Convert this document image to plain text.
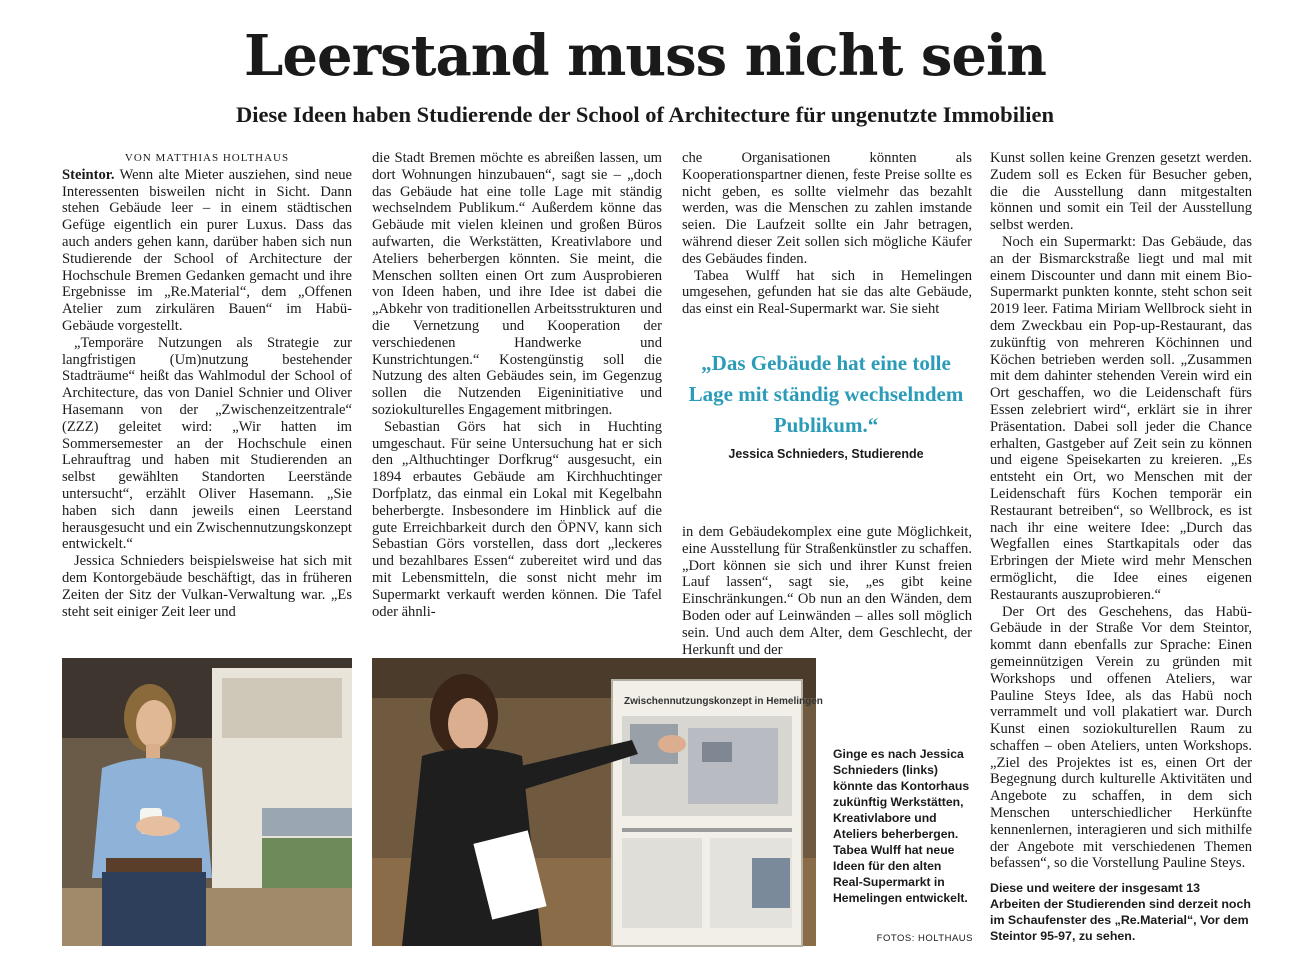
Leerstand muss nicht sein
Diese Ideen haben Studierende der School of Architecture für ungenutzte Immobilien

VON MATTHIAS HOLTHAUS

Steintor. Wenn alte Mieter ausziehen, sind neue Interessenten bisweilen nicht in Sicht. Dann stehen Gebäude leer – in einem städtischen Gefüge eigentlich ein purer Luxus. Dass das auch anders gehen kann, darüber haben sich nun Studierende der School of Architecture der Hochschule Bremen Gedanken gemacht und ihre Ergebnisse im „Re.Material“, dem „Offenen Atelier zum zirkulären Bauen“ im Habü-Gebäude vorgestellt.

„Temporäre Nutzungen als Strategie zur langfristigen (Um)nutzung bestehender Stadträume“ heißt das Wahlmodul der School of Architecture, das von Daniel Schnier und Oliver Hasemann von der „Zwischenzeitzentrale“ (ZZZ) geleitet wird: „Wir hatten im Sommersemester an der Hochschule einen Lehrauftrag und haben mit Studierenden an selbst gewählten Standorten Leerstände untersucht“, erzählt Oliver Hasemann. „Sie haben sich dann jeweils einen Leerstand herausgesucht und ein Zwischennutzungskonzept entwickelt.“

Jessica Schnieders beispielsweise hat sich mit dem Kontorgebäude beschäftigt, das in früheren Zeiten der Sitz der Vulkan-Verwaltung war. „Es steht seit einiger Zeit leer und

die Stadt Bremen möchte es abreißen lassen, um dort Wohnungen hinzubauen“, sagt sie – „doch das Gebäude hat eine tolle Lage mit ständig wechselndem Publikum.“ Außerdem könne das Gebäude mit vielen kleinen und großen Büros aufwarten, die Werkstätten, Kreativlabore und Ateliers beherbergen könnten. Sie meint, die Menschen sollten einen Ort zum Ausprobieren von Ideen haben, und ihre Idee ist dabei die „Abkehr von traditionellen Arbeitsstrukturen und die Vernetzung und Kooperation der verschiedenen Handwerke und Kunstrichtungen.“ Kostengünstig soll die Nutzung des alten Gebäudes sein, im Gegenzug sollen die Nutzenden Eigeninitiative und soziokulturelles Engagement mitbringen.

Sebastian Görs hat sich in Huchting umgeschaut. Für seine Untersuchung hat er sich den „Althuchtinger Dorfkrug“ ausgesucht, ein 1894 erbautes Gebäude am Kirchhuchtinger Dorfplatz, das einmal ein Lokal mit Kegelbahn beherbergte. Insbesondere im Hinblick auf die gute Erreichbarkeit durch den ÖPNV, kann sich Sebastian Görs vorstellen, dass dort „leckeres und bezahlbares Essen“ zubereitet wird und das mit Lebensmitteln, die sonst nicht mehr im Supermarkt verkauft werden können. Die Tafel oder ähnli-

che Organisationen könnten als Kooperationspartner dienen, feste Preise sollte es nicht geben, es sollte vielmehr das bezahlt werden, was die Menschen zu zahlen imstande seien. Die Laufzeit sollte ein Jahr betragen, während dieser Zeit sollen sich mögliche Käufer des Gebäudes finden.

Tabea Wulff hat sich in Hemelingen umgesehen, gefunden hat sie das alte Gebäude, das einst ein Real-Supermarkt war. Sie sieht

„Das Gebäude hat eine tolle Lage mit ständig wechselndem Publikum.“

Jessica Schnieders, Studierende

in dem Gebäudekomplex eine gute Möglichkeit, eine Ausstellung für Straßenkünstler zu schaffen. „Dort können sie sich und ihrer Kunst freien Lauf lassen“, sagt sie, „es gibt keine Einschränkungen.“ Ob nun an den Wänden, dem Boden oder auf Leinwänden – alles soll möglich sein. Und auch dem Alter, dem Geschlecht, der Herkunft und der

Kunst sollen keine Grenzen gesetzt werden. Zudem soll es Ecken für Besucher geben, die die Ausstellung dann mitgestalten können und somit ein Teil der Ausstellung selbst werden.

Noch ein Supermarkt: Das Gebäude, das an der Bismarckstraße liegt und mal mit einem Discounter und dann mit einem Bio-Supermarkt punkten konnte, steht schon seit 2019 leer. Fatima Miriam Wellbrock sieht in dem Zweckbau ein Pop-up-Restaurant, das zukünftig von mehreren Köchinnen und Köchen betrieben werden soll. „Zusammen mit dem dahinter stehenden Verein wird ein Ort geschaffen, wo die Leidenschaft fürs Essen zelebriert wird“, erklärt sie in ihrer Präsentation. Dabei soll jeder die Chance erhalten, Gastgeber auf Zeit sein zu können und eigene Speisekarten zu kreieren. „Es entsteht ein Ort, wo Menschen mit der Leidenschaft fürs Kochen temporär ein Restaurant betreiben“, so Wellbrock, es ist nach ihr eine weitere Idee: „Durch das Wegfallen eines Startkapitals oder das Erbringen der Miete wird mehr Menschen ermöglicht, die Idee eines eigenen Restaurants auszuprobieren.“

Der Ort des Geschehens, das Habü-Gebäude in der Straße Vor dem Steintor, kommt dann ebenfalls zur Sprache: Einen gemeinnützigen Verein zu gründen mit Workshops und offenen Ateliers, war Pauline Steys Idee, als das Habü noch verrammelt und voll plakatiert war. Durch Kunst einen soziokulturellen Raum zu schaffen – oben Ateliers, unten Workshops. „Ziel des Projektes ist es, einen Ort der Begegnung durch kulturelle Aktivitäten und Angebote zu schaffen, in dem sich Menschen unterschiedlicher Herkünfte kennenlernen, interagieren und sich mithilfe der Angebote mit verschiedenen Themen befassen“, so die Vorstellung Pauline Steys.

Diese und weitere der insgesamt 13 Arbeiten der Studierenden sind derzeit noch im Schaufenster des „Re.Material“, Vor dem Steintor 95-97, zu sehen.

Zwischennutzungskonzept in Hemelingen

Ginge es nach Jessica Schnieders (links) könnte das Kontorhaus zukünftig Werkstätten, Kreativlabore und Ateliers beherbergen. Tabea Wulff hat neue Ideen für den alten Real-Supermarkt in Hemelingen entwickelt.

FOTOS: HOLTHAUS
